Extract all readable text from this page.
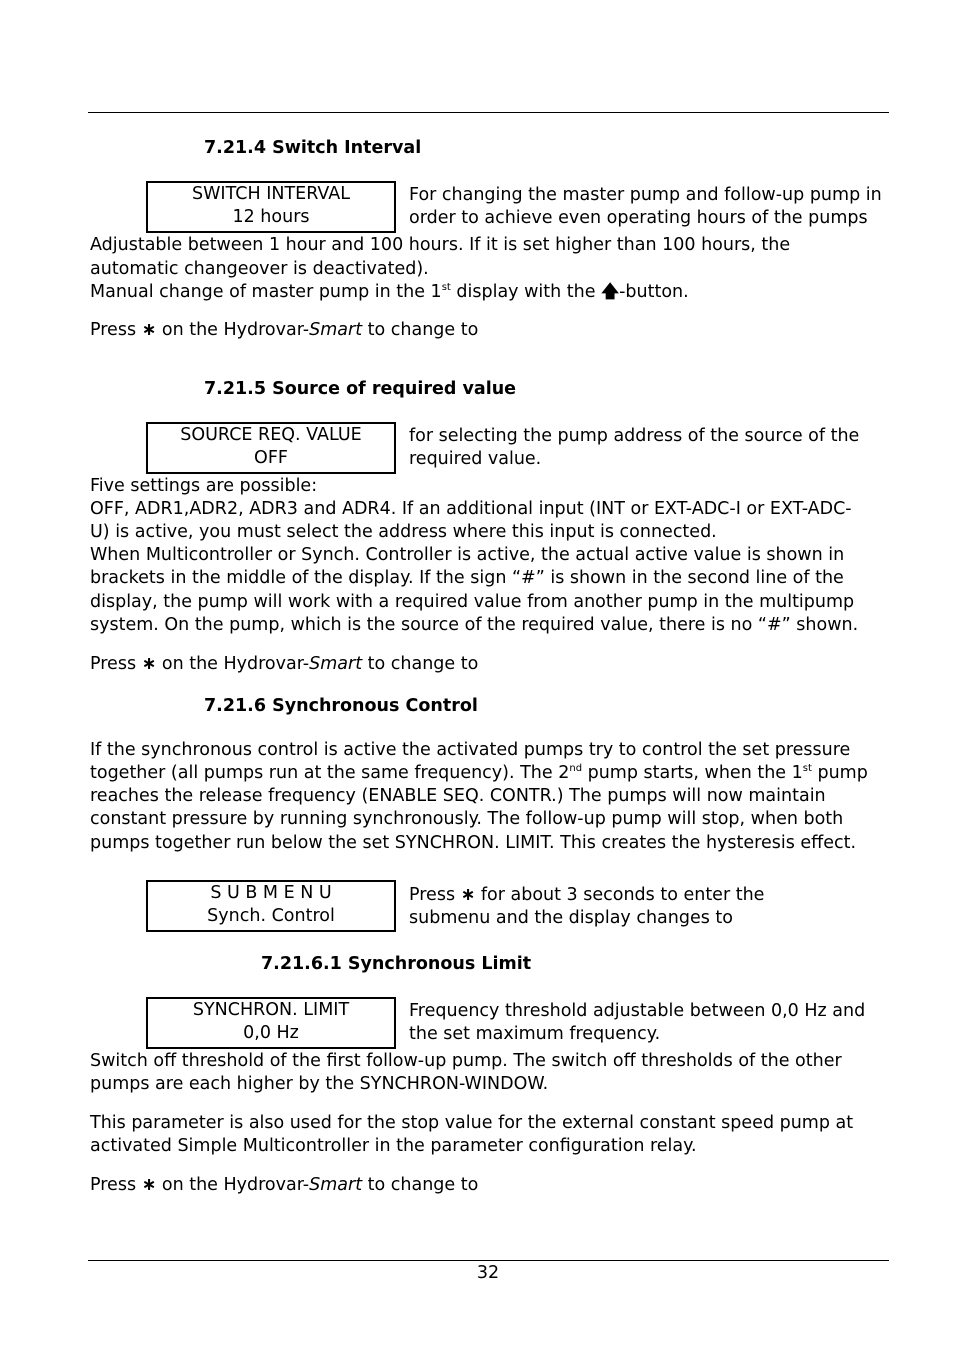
7.21.4 Switch Interval
SWITCH INTERVAL
12 hours
For changing the master pump and follow-up pump in
order to achieve even operating hours of the pumps
Adjustable between 1 hour and 100 hours. If it is set higher than 100 hours, the
automatic changeover is deactivated).
Manual change of master pump in the 1st display with the 🡅-button.
Press ∗ on the Hydrovar-Smart to change to
7.21.5 Source of required value
SOURCE REQ. VALUE
OFF
for selecting the pump address of the source of the
required value.
Five settings are possible:
OFF, ADR1,ADR2, ADR3 and ADR4. If an additional input (INT or EXT-ADC-I or EXT-ADC-
U) is active, you must select the address where this input is connected.
When Multicontroller or Synch. Controller is active, the actual active value is shown in
brackets in the middle of the display. If the sign “#” is shown in the second line of the
display, the pump will work with a required value from another pump in the multipump
system. On the pump, which is the source of the required value, there is no “#” shown.
Press ∗ on the Hydrovar-Smart to change to
7.21.6 Synchronous Control
If the synchronous control is active the activated pumps try to control the set pressure
together (all pumps run at the same frequency). The 2nd pump starts, when the 1st pump
reaches the release frequency (ENABLE SEQ. CONTR.) The pumps will now maintain
constant pressure by running synchronously. The follow-up pump will stop, when both
pumps together run below the set SYNCHRON. LIMIT. This creates the hysteresis effect.
S U B M E N U
Synch. Control
Press ∗ for about 3 seconds to enter the
submenu and the display changes to
7.21.6.1 Synchronous Limit
SYNCHRON. LIMIT
0,0 Hz
Frequency threshold adjustable between 0,0 Hz and
the set maximum frequency.
Switch off threshold of the first follow-up pump. The switch off thresholds of the other
pumps are each higher by the SYNCHRON-WINDOW.
This parameter is also used for the stop value for the external constant speed pump at
activated Simple Multicontroller in the parameter configuration relay.
Press ∗ on the Hydrovar-Smart to change to
32
